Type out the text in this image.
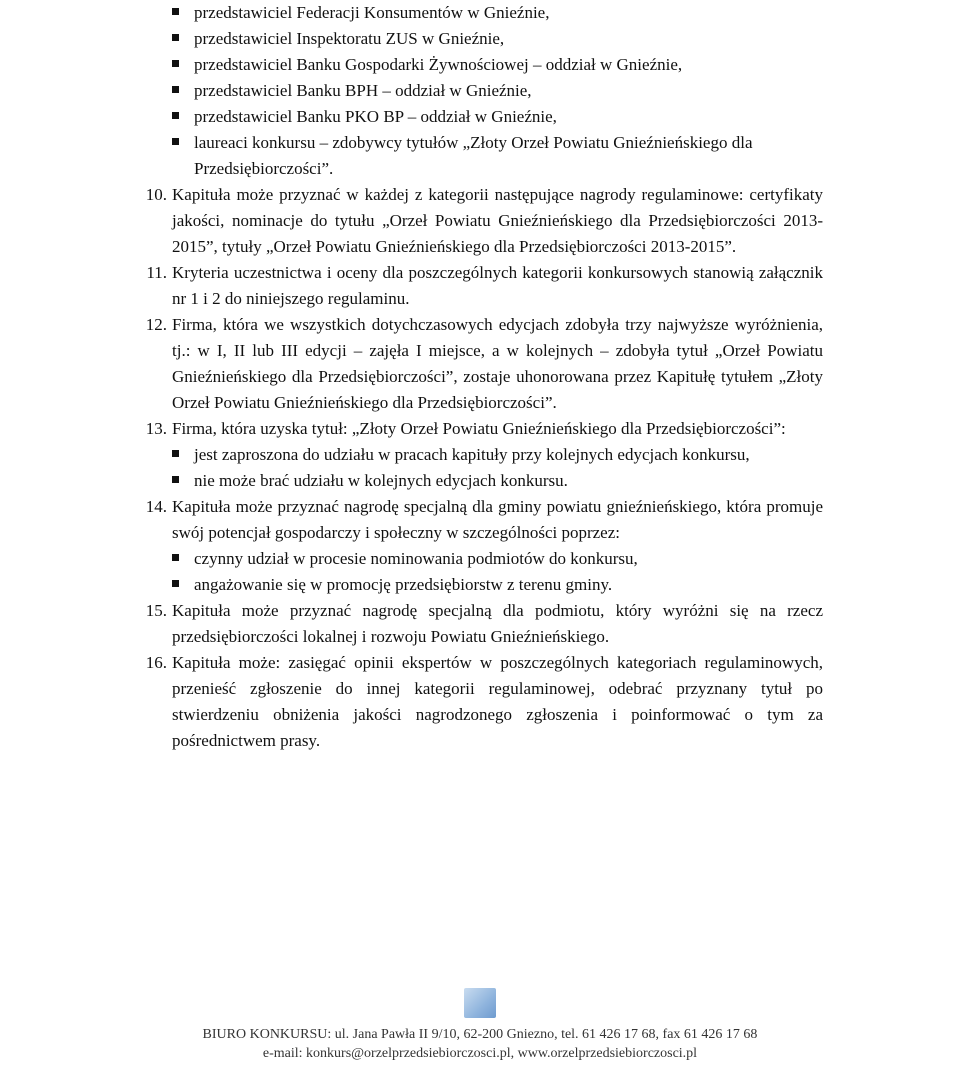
przedstawiciel Federacji Konsumentów w Gnieźnie,
przedstawiciel Inspektoratu ZUS w Gnieźnie,
przedstawiciel Banku Gospodarki Żywnościowej – oddział w Gnieźnie,
przedstawiciel Banku BPH – oddział w Gnieźnie,
przedstawiciel Banku PKO BP – oddział w Gnieźnie,
laureaci konkursu – zdobywcy tytułów „Złoty Orzeł Powiatu Gnieźnieńskiego dla Przedsiębiorczości”.
10. Kapituła może przyznać w każdej z kategorii następujące nagrody regulaminowe: certyfikaty jakości, nominacje do tytułu „Orzeł Powiatu Gnieźnieńskiego dla Przedsiębiorczości 2013-2015”, tytuły „Orzeł Powiatu Gnieźnieńskiego dla Przedsiębiorczości 2013-2015”.
11. Kryteria uczestnictwa i oceny dla poszczególnych kategorii konkursowych stanowią załącznik nr 1 i 2 do niniejszego regulaminu.
12. Firma, która we wszystkich dotychczasowych edycjach zdobyła trzy najwyższe wyróżnienia, tj.: w I, II lub III edycji – zajęła I miejsce, a w kolejnych – zdobyła tytuł „Orzeł Powiatu Gnieźnieńskiego dla Przedsiębiorczości”, zostaje uhonorowana przez Kapitułę tytułem „Złoty Orzeł Powiatu Gnieźnieńskiego dla Przedsiębiorczości”.
13. Firma, która uzyska tytuł: „Złoty Orzeł Powiatu Gnieźnieńskiego dla Przedsiębiorczości”:
jest zaproszona do udziału w pracach kapituły przy kolejnych edycjach konkursu,
nie może brać udziału w kolejnych edycjach konkursu.
14. Kapituła może przyznać nagrodę specjalną dla gminy powiatu gnieźnieńskiego, która promuje swój potencjał gospodarczy i społeczny w szczególności poprzez:
czynny udział w procesie nominowania podmiotów do konkursu,
angażowanie się w promocję przedsiębiorstw z terenu gminy.
15. Kapituła może przyznać nagrodę specjalną dla podmiotu, który wyróżni się na rzecz przedsiębiorczości lokalnej i rozwoju Powiatu Gnieźnieńskiego.
16. Kapituła może: zasięgać opinii ekspertów w poszczególnych kategoriach regulaminowych, przenieść zgłoszenie do innej kategorii regulaminowej, odebrać przyznany tytuł po stwierdzeniu obniżenia jakości nagrodzonego zgłoszenia i poinformować o tym za pośrednictwem prasy.
BIURO KONKURSU: ul. Jana Pawła II 9/10, 62-200 Gniezno, tel. 61 426 17 68, fax 61 426 17 68
e-mail: konkurs@orzelprzedsiebiorczosci.pl, www.orzelprzedsiebiorczosci.pl
